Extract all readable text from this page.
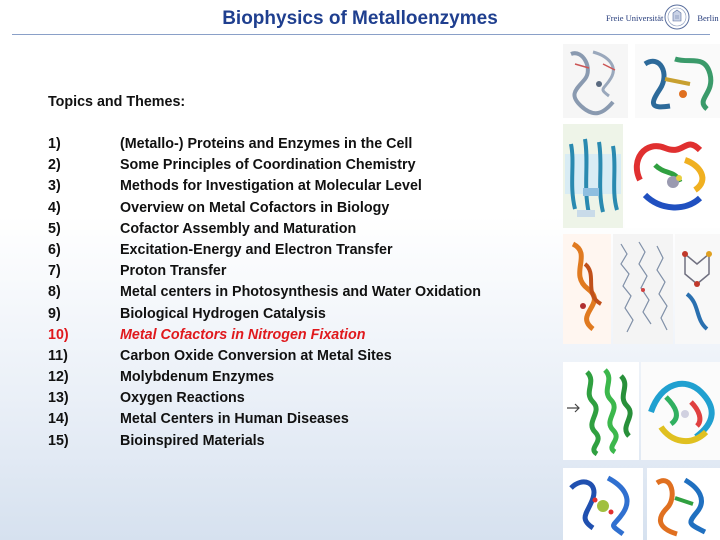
Biophysics of Metalloenzymes	Freie Universität	Berlin
Topics and Themes:
1)	(Metallo-) Proteins and Enzymes in the Cell
2)	Some Principles of Coordination Chemistry
3)	Methods for Investigation at Molecular Level
4)	Overview on Metal Cofactors in Biology
5)	Cofactor Assembly and Maturation
6)	Excitation-Energy and Electron Transfer
7)	Proton Transfer
8)	Metal centers in Photosynthesis and Water Oxidation
9)	Biological Hydrogen Catalysis
10)	Metal Cofactors in Nitrogen Fixation
11)	Carbon Oxide Conversion at Metal Sites
12)	Molybdenum Enzymes
13)	Oxygen Reactions
14)	Metal Centers in Human Diseases
15)	Bioinspired Materials
